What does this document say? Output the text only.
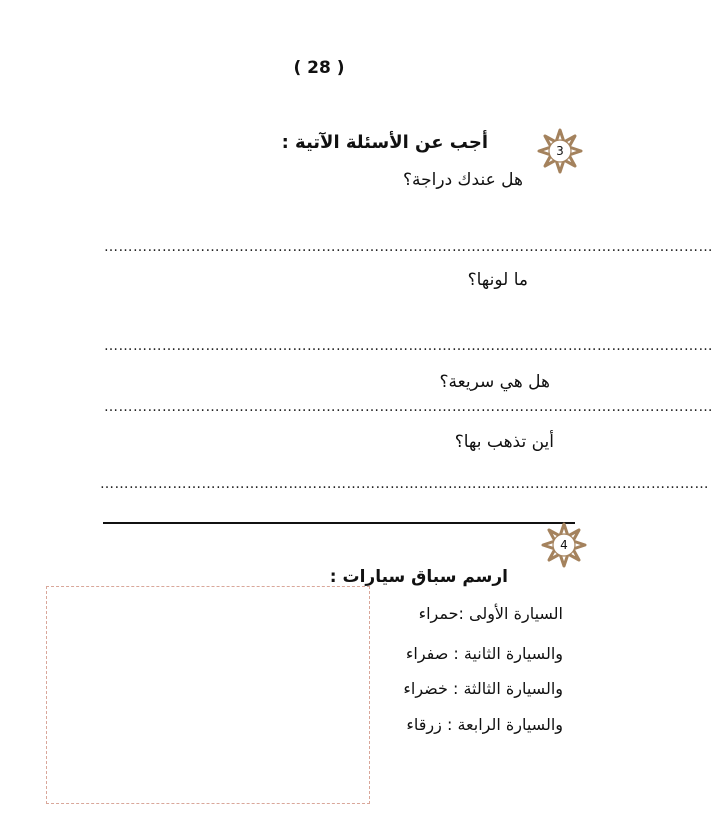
( 28 )
3
أجب عن الأسئلة الآتية :
هل عندك دراجة؟
………………………………………………………………………………………………………………
ما لونها؟
………………………………………………………………………………………………………………
هل هي سريعة؟
………………………………………………………………………………………………………………
أين تذهب بها؟
………………………………………………………………………………………………………………
4
ارسم سباق سيارات :
السيارة الأولى :حمراء
والسيارة الثانية : صفراء
والسيارة الثالثة : خضراء
والسيارة الرابعة : زرقاء
